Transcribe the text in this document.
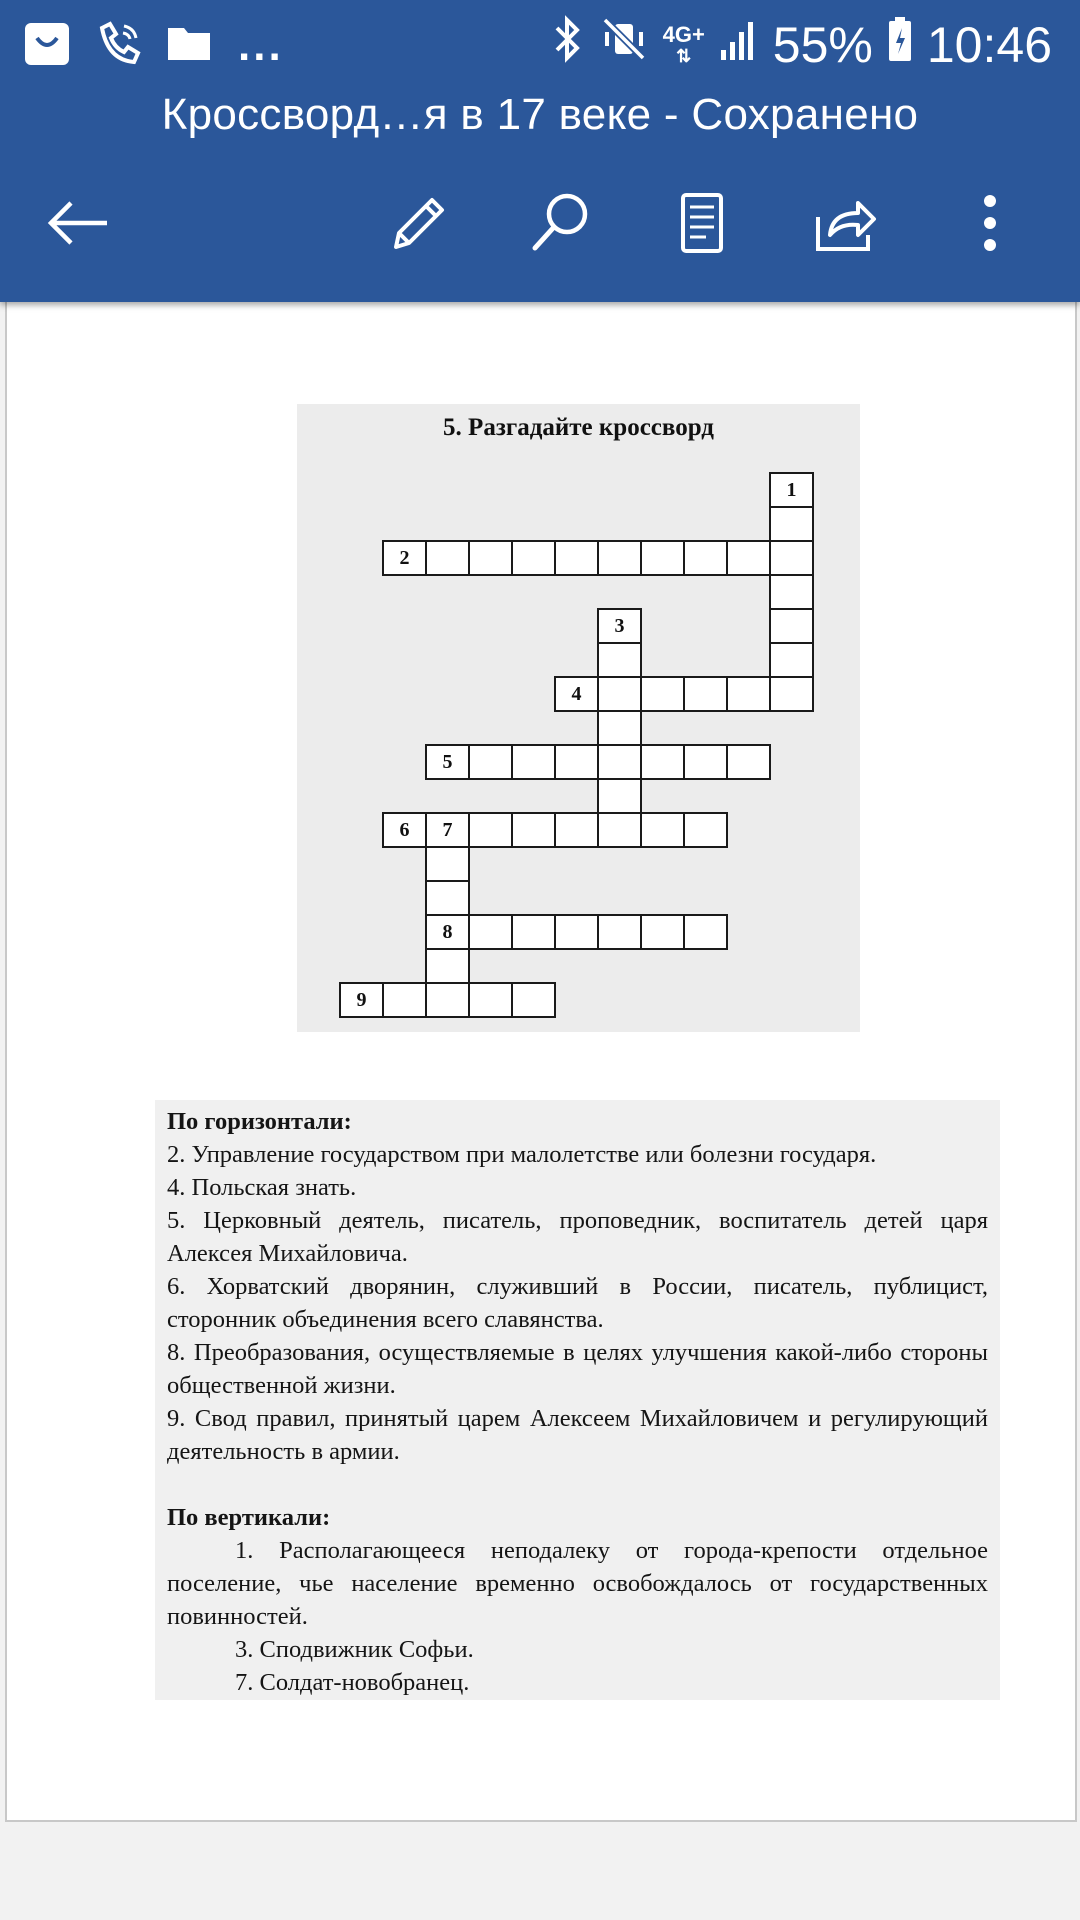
...	4G+
⇅ 55% 10:46
Кроссворд…я в 17 веке - Сохранено
5. Разгадайте кроссворд
1
2
3
4
5
6	7
8
9
По горизонтали:
2. Управление государством при малолетстве или болезни государя.
4. Польская знать.
5. Церковный деятель, писатель, проповедник, воспитатель детей царя Алексея Михайловича.
6. Хорватский дворянин, служивший в России, писатель, публицист, сторонник объединения всего славянства.
8. Преобразования, осуществляемые в целях улучшения какой-либо стороны общественной жизни.
9. Свод правил, принятый царем Алексеем Михайловичем и регулирующий деятельность в армии.
По вертикали:
1. Располагающееся неподалеку от города-крепости отдельное поселение, чье население временно освобождалось от государственных повинностей.
3. Сподвижник Софьи.
7. Солдат-новобранец.
